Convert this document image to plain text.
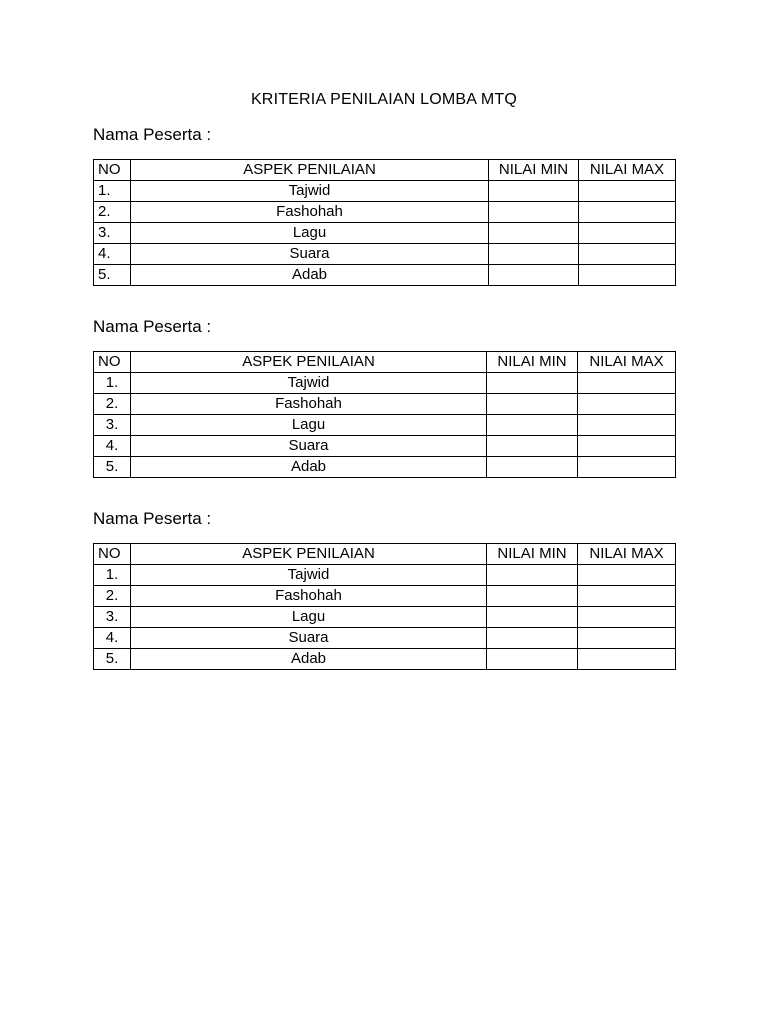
KRITERIA PENILAIAN LOMBA MTQ
Nama Peserta :
NO	ASPEK PENILAIAN	NILAI MIN	NILAI MAX
1.	Tajwid		
2.	Fashohah		
3.	Lagu		
4.	Suara		
5.	Adab		
Nama Peserta :
NO	ASPEK PENILAIAN	NILAI MIN	NILAI MAX
1.	Tajwid		
2.	Fashohah		
3.	Lagu		
4.	Suara		
5.	Adab		
Nama Peserta :
NO	ASPEK PENILAIAN	NILAI MIN	NILAI MAX
1.	Tajwid		
2.	Fashohah		
3.	Lagu		
4.	Suara		
5.	Adab		
